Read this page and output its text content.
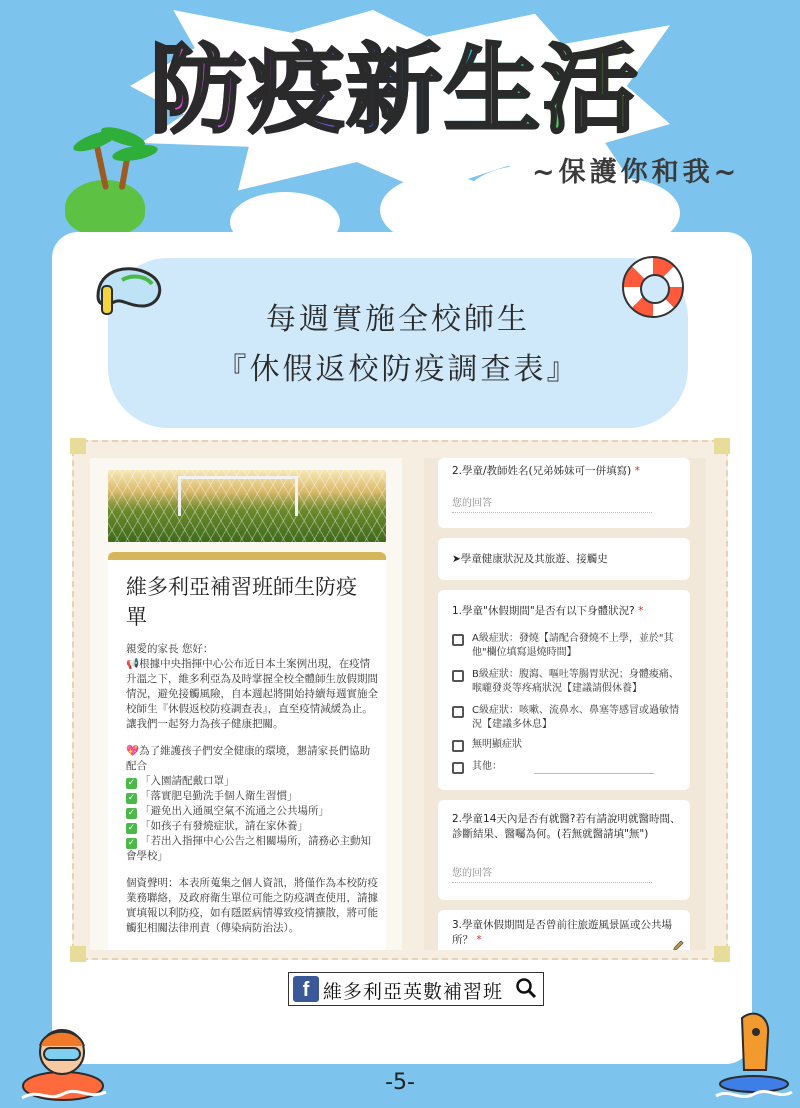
防疫新生活
~保護你和我~
每週實施全校師生
『休假返校防疫調查表』
維多利亞補習班師生防疫單

親愛的家長 您好：

📢根據中央指揮中心公布近日本土案例出現，在疫情升溫之下，維多利亞為及時掌握全校全體師生放假期間情況，避免接觸風險，自本週起將開始持續每週實施全校師生『休假返校防疫調查表』，直至疫情減緩為止。讓我們一起努力為孩子健康把關。

💖為了維護孩子們安全健康的環境，懇請家長們協助配合

✓ 「入園請配戴口罩」

✓ 「落實肥皂勤洗手個人衛生習慣」

✓ 「避免出入通風空氣不流通之公共場所」

✓ 「如孩子有發燒症狀，請在家休養」

✓ 「若出入指揮中心公告之相關場所，請務必主動知會學校」

個資聲明：本表所蒐集之個人資訊，將僅作為本校防疫業務聯絡，及政府衛生單位可能之防疫調查使用，請據實填報以利防疫，如有隱匿病情導致疫情擴散，將可能觸犯相關法律刑責（傳染病防治法）。

2.學童/教師姓名(兄弟姊妹可一併填寫) *
您的回答
➤學童健康狀況及其旅遊、接觸史
1.學童"休假期間"是否有以下身體狀況? *
A級症狀：發燒【請配合發燒不上學，並於"其他"欄位填寫退燒時間】
B級症狀：腹瀉、嘔吐等腸胃狀況；身體痠痛、喉嚨發炎等疼痛狀況【建議請假休養】
C級症狀：咳嗽、流鼻水、鼻塞等感冒或過敏情況【建議多休息】
無明顯症狀
其他：
2.學童14天內是否有就醫?若有請說明就醫時間、診斷結果、醫囑為何。(若無就醫請填"無")
您的回答
3.學童休假期間是否曾前往旅遊風景區或公共場所？ *
f 維多利亞英數補習班
-5-
